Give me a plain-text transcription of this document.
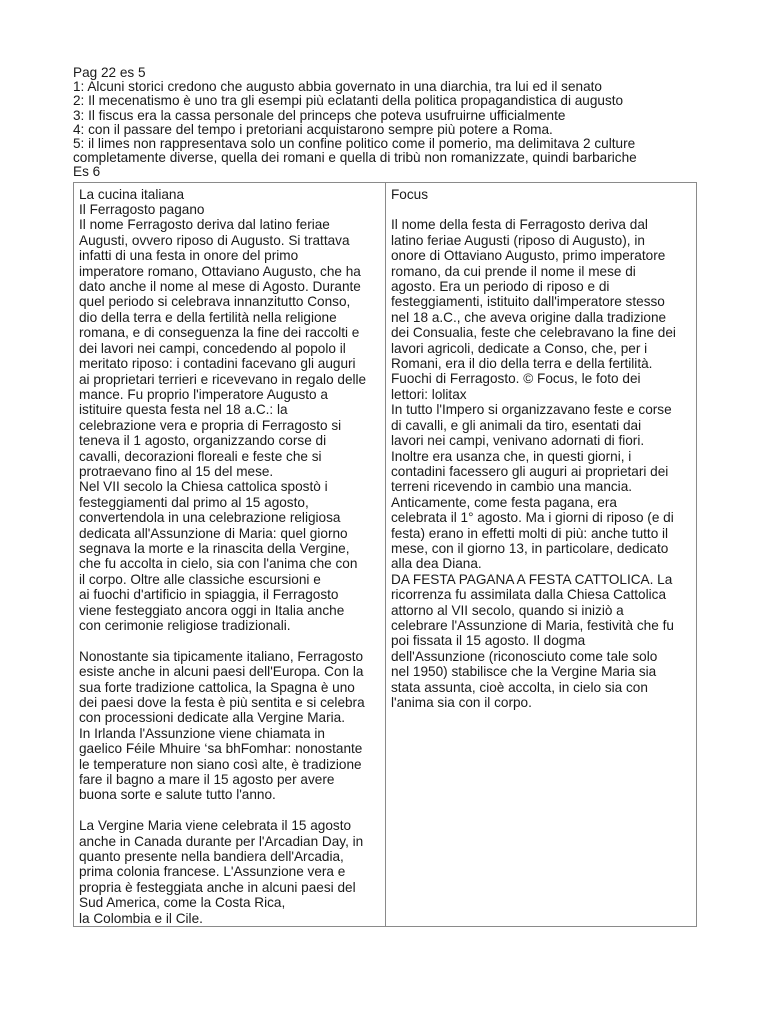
Pag 22 es 5
1: Alcuni storici credono che augusto abbia governato in una diarchia, tra lui ed il senato
2: Il mecenatismo è uno tra gli esempi più eclatanti della politica propagandistica di augusto
3: Il fiscus era la cassa personale del princeps che poteva usufruirne ufficialmente
4: con il passare del tempo i pretoriani acquistarono sempre più potere a Roma.
5: il limes non rappresentava solo un confine politico come il pomerio, ma delimitava 2 culture
completamente diverse, quella dei romani e quella di tribù non romanizzate, quindi barbariche
Es 6
La cucina italiana
Il Ferragosto pagano
Il nome Ferragosto deriva dal latino feriae
Augusti, ovvero riposo di Augusto. Si trattava
infatti di una festa in onore del primo
imperatore romano, Ottaviano Augusto, che ha
dato anche il nome al mese di Agosto. Durante
quel periodo si celebrava innanzitutto Conso,
dio della terra e della fertilità nella religione
romana, e di conseguenza la fine dei raccolti e
dei lavori nei campi, concedendo al popolo il
meritato riposo: i contadini facevano gli auguri
ai proprietari terrieri e ricevevano in regalo delle
mance. Fu proprio l'imperatore Augusto a
istituire questa festa nel 18 a.C.: la
celebrazione vera e propria di Ferragosto si
teneva il 1 agosto, organizzando corse di
cavalli, decorazioni floreali e feste che si
protraevano fino al 15 del mese.
Nel VII secolo la Chiesa cattolica spostò i
festeggiamenti dal primo al 15 agosto,
convertendola in una celebrazione religiosa
dedicata all'Assunzione di Maria: quel giorno
segnava la morte e la rinascita della Vergine,
che fu accolta in cielo, sia con l'anima che con
il corpo. Oltre alle classiche escursioni e
ai fuochi d'artificio in spiaggia, il Ferragosto
viene festeggiato ancora oggi in Italia anche
con cerimonie religiose tradizionali.
Nonostante sia tipicamente italiano, Ferragosto
esiste anche in alcuni paesi dell'Europa. Con la
sua forte tradizione cattolica, la Spagna è uno
dei paesi dove la festa è più sentita e si celebra
con processioni dedicate alla Vergine Maria.
In Irlanda l'Assunzione viene chiamata in
gaelico Féile Mhuire ‘sa bhFomhar: nonostante
le temperature non siano così alte, è tradizione
fare il bagno a mare il 15 agosto per avere
buona sorte e salute tutto l'anno.
La Vergine Maria viene celebrata il 15 agosto
anche in Canada durante per l'Arcadian Day, in
quanto presente nella bandiera dell'Arcadia,
prima colonia francese. L'Assunzione vera e
propria è festeggiata anche in alcuni paesi del
Sud America, come la Costa Rica,
la Colombia e il Cile.

Focus
Il nome della festa di Ferragosto deriva dal
latino feriae Augusti (riposo di Augusto), in
onore di Ottaviano Augusto, primo imperatore
romano, da cui prende il nome il mese di
agosto. Era un periodo di riposo e di
festeggiamenti, istituito dall'imperatore stesso
nel 18 a.C., che aveva origine dalla tradizione
dei Consualia, feste che celebravano la fine dei
lavori agricoli, dedicate a Conso, che, per i
Romani, era il dio della terra e della fertilità.
Fuochi di Ferragosto. © Focus, le foto dei
lettori: lolitax
In tutto l'Impero si organizzavano feste e corse
di cavalli, e gli animali da tiro, esentati dai
lavori nei campi, venivano adornati di fiori.
Inoltre era usanza che, in questi giorni, i
contadini facessero gli auguri ai proprietari dei
terreni ricevendo in cambio una mancia.
Anticamente, come festa pagana, era
celebrata il 1° agosto. Ma i giorni di riposo (e di
festa) erano in effetti molti di più: anche tutto il
mese, con il giorno 13, in particolare, dedicato
alla dea Diana.
DA FESTA PAGANA A FESTA CATTOLICA. La
ricorrenza fu assimilata dalla Chiesa Cattolica
attorno al VII secolo, quando si iniziò a
celebrare l'Assunzione di Maria, festività che fu
poi fissata il 15 agosto. Il dogma
dell'Assunzione (riconosciuto come tale solo
nel 1950) stabilisce che la Vergine Maria sia
stata assunta, cioè accolta, in cielo sia con
l'anima sia con il corpo.
